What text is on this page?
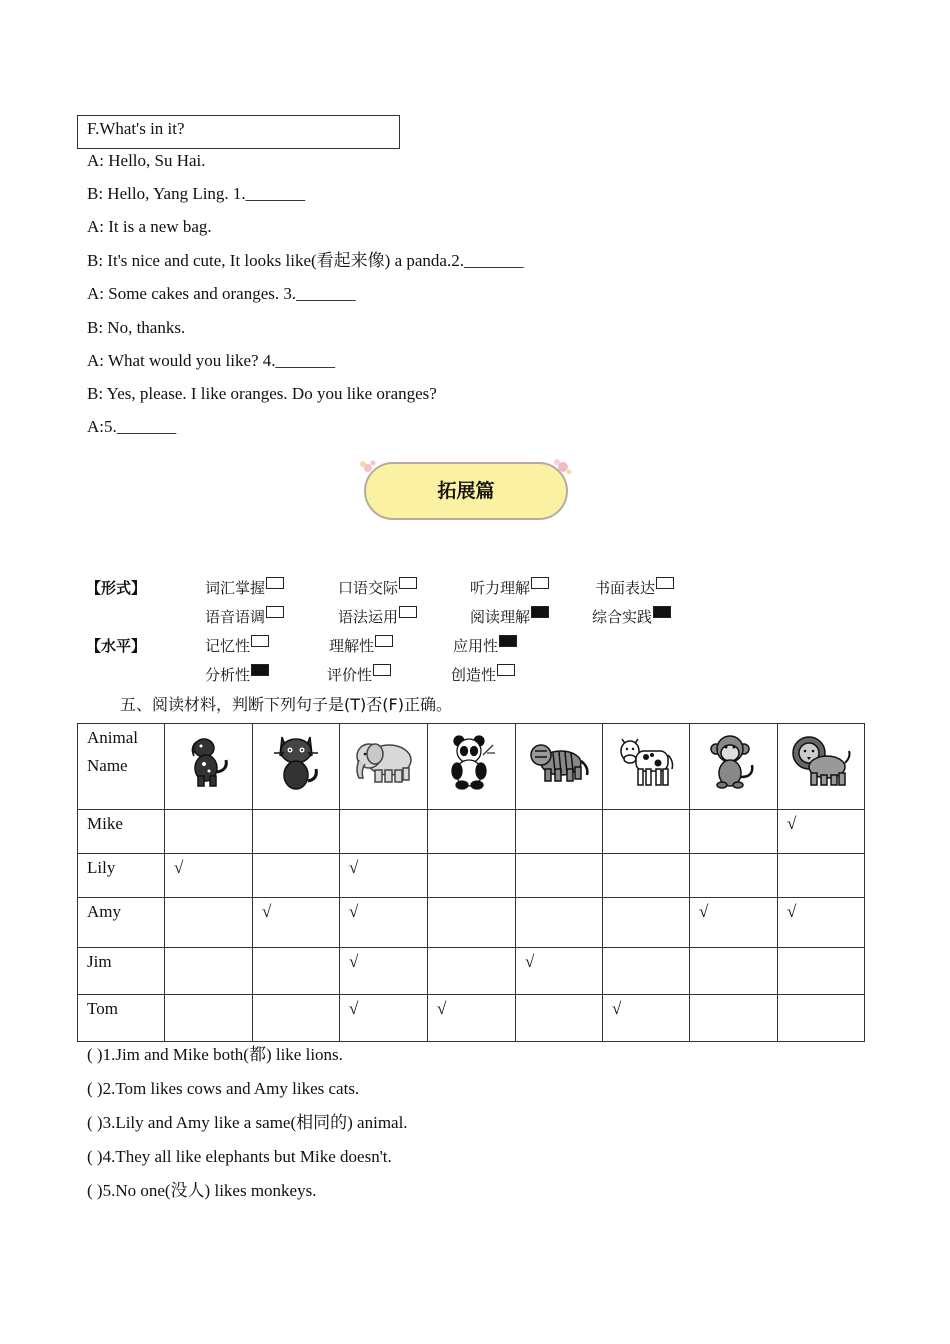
F.What's in it?
A: Hello, Su Hai.
B: Hello, Yang Ling. 1._______
A: It is a new bag.
B: It's nice and cute, It looks like(看起来像) a panda.2._______
A: Some cakes and oranges. 3._______
B: No, thanks.
A: What would you like? 4._______
B: Yes, please. I like oranges. Do you like oranges?
A:5._______
拓展篇
【形式】	词汇掌握	口语交际	听力理解	书面表达
语音语调	语法运用	阅读理解	综合实践
【水平】	记忆性	理解性	应用性
分析性	评价性	创造性
五、阅读材料，判断下列句子是(T)否(F)正确。
Animal
Name								
Mike								√
Lily	√		√					
Amy		√	√				√	√
Jim			√		√			
Tom			√	√		√		
( )1.Jim and Mike both(都) like lions.
( )2.Tom likes cows and Amy likes cats.
( )3.Lily and Amy like a same(相同的) animal.
( )4.They all like elephants but Mike doesn't.
( )5.No one(没人) likes monkeys.
